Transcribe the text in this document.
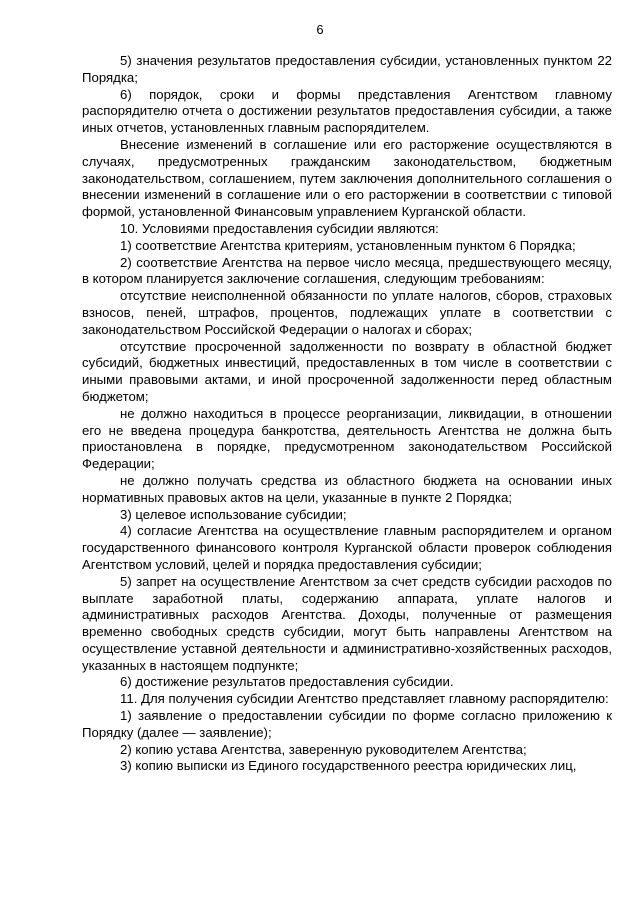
6

5) значения результатов предоставления субсидии, установленных пунктом 22 Порядка;

6) порядок, сроки и формы представления Агентством главному распорядителю отчета о достижении результатов предоставления субсидии, а также иных отчетов, установленных главным распорядителем.

Внесение изменений в соглашение или его расторжение осуществляются в случаях, предусмотренных гражданским законодательством, бюджетным законодательством, соглашением, путем заключения дополнительного соглашения о внесении изменений в соглашение или о его расторжении в соответствии с типовой формой, установленной Финансовым управлением Курганской области.

10. Условиями предоставления субсидии являются:

1) соответствие Агентства критериям, установленным пунктом 6 Порядка;

2) соответствие Агентства на первое число месяца, предшествующего месяцу, в котором планируется заключение соглашения, следующим требованиям:

отсутствие неисполненной обязанности по уплате налогов, сборов, страховых взносов, пеней, штрафов, процентов, подлежащих уплате в соответствии с законодательством Российской Федерации о налогах и сборах;

отсутствие просроченной задолженности по возврату в областной бюджет субсидий, бюджетных инвестиций, предоставленных в том числе в соответствии с иными правовыми актами, и иной просроченной задолженности перед областным бюджетом;

не должно находиться в процессе реорганизации, ликвидации, в отношении его не введена процедура банкротства, деятельность Агентства не должна быть приостановлена в порядке, предусмотренном законодательством Российской Федерации;

не должно получать средства из областного бюджета на основании иных нормативных правовых актов на цели, указанные в пункте 2 Порядка;

3) целевое использование субсидии;

4) согласие Агентства на осуществление главным распорядителем и органом государственного финансового контроля Курганской области проверок соблюдения Агентством условий, целей и порядка предоставления субсидии;

5) запрет на осуществление Агентством за счет средств субсидии расходов по выплате заработной платы, содержанию аппарата, уплате налогов и административных расходов Агентства. Доходы, полученные от размещения временно свободных средств субсидии, могут быть направлены Агентством на осуществление уставной деятельности и административно-хозяйственных расходов, указанных в настоящем подпункте;

6) достижение результатов предоставления субсидии.

11. Для получения субсидии Агентство представляет главному распорядителю:

1) заявление о предоставлении субсидии по форме согласно приложению к Порядку (далее — заявление);

2) копию устава Агентства, заверенную руководителем Агентства;

3) копию выписки из Единого государственного реестра юридических лиц,
